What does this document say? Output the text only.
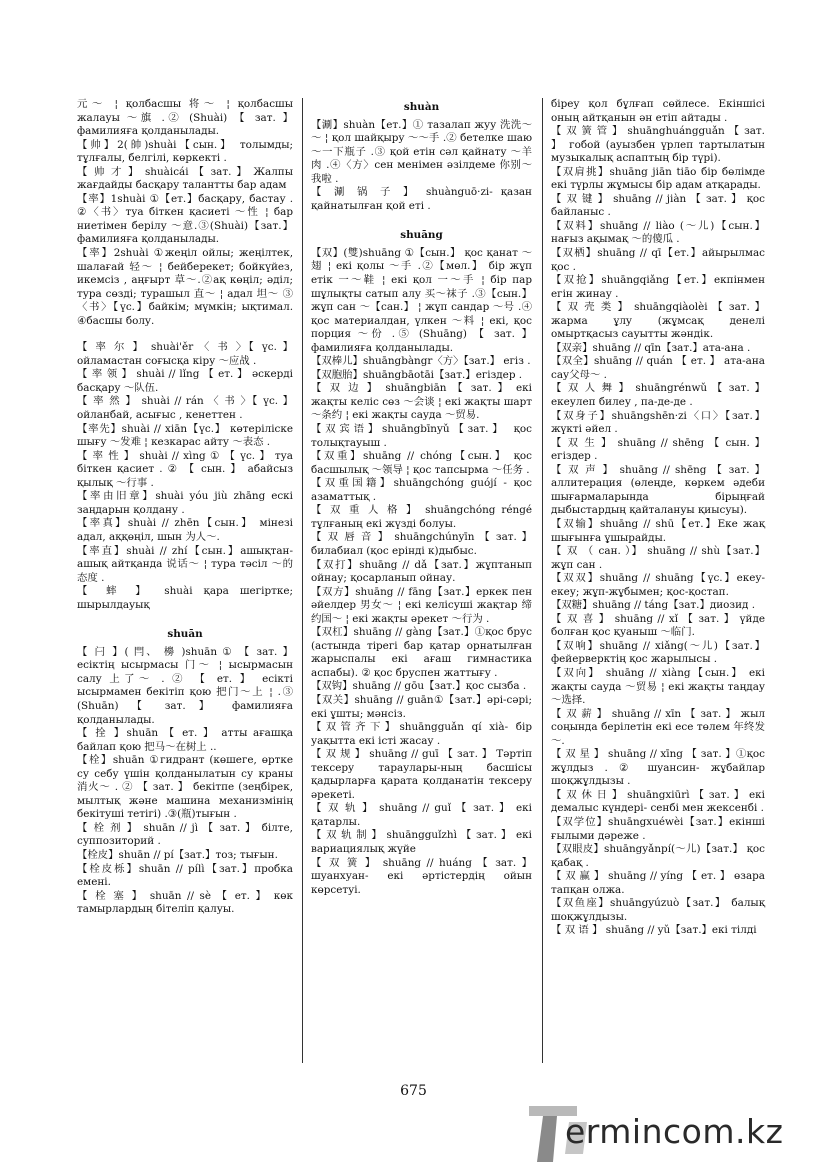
元～ ¦ қолбасшы 将～ ¦ қолбасшы жалауы ～旗 .② (Shuài) 【 зат. 】 фамилияға қолданылады.

【帅】2(帥)shuài【сын.】 толымды; тұлғалы, белгілі, көркекті .

【 帅 才 】 shuàicái 【 зат. 】 Жалпы жағдайды басқару талантты бар адам

【率】1shuài ①【ет.】басқару, бастау . ②〈书〉туа біткен қасиеті ～性 ¦ бар ниетімен берілу ～意.③(Shuài)【зат.】 фамилияға қолданылады.

【率】2shuài ①жеңіл ойлы; жеңілтек, шалағай 轻～ ¦ бейберекет; бойкүйез, икемсіз , аңғырт 草～.②ақ көңіл; әділ; тура сөзді; турашыл 直～ ¦ адал 坦～ ③〈书〉【үс.】байкім; мүмкін; ықтимал. ④басшы болу.

【 率 尔 】 shuài'ěr 〈 书 〉【 үс. 】 ойламастан соғысқа кіру ～应战 .

【 率 领 】 shuài // lǐng 【 ет. 】 әскерді басқару ～队伍.

【 率 然 】 shuài // rán 〈 书 〉【 үс. 】 ойланбай, асығыс , кенеттен .

【率先】shuài // xiān【үс.】 көтеріліске шығу ～发难 ¦ кезкарас айту ～表态 .

【 率 性 】 shuài // xìng ① 【 үс. 】 туа біткен қасиет . ② 【 сын. 】 абайсыз қылық ～行事 .

【率由旧章】shuài yóu jiù zhāng ескі заңдарын қолдану .

【率真】shuài // zhēn【сын.】 мінезі адал, аққөңіл, шын 为人～.

【率直】shuài // zhí【сын.】ашықтан-ашық айтқанда 说话～ ¦ тура тәсіл ～的态度 .

【 蟀 】 shuài қара шегіртке; шырылдауық

shuān

【 闩 】( 閂、 櫋 )shuān ① 【 зат. 】 есіктің ысырмасы 门～ ¦ ысырмасын салу 上了～ . ② 【 ет. 】 есікті ысырмамен бекітіп қою 把门～上 ¦ .③ (Shuān) 【 зат. 】 фамилияға қолданылады.

【 拴 】shuān 【 ет. 】 атты ағашқа байлап қою 把马～在树上 ..

【栓】shuān ①гидрант (көшеге, өртке су себу үшін қолданылатын су краны 消火～ . ② 【 зат. 】 бекітпе (зеңбірек, мылтық және машина механизмінің бекітуші тетігі) .③(瓶)тығын .

【 栓 剂 】 shuān // jì 【 зат. 】 білте, суппозиторий .

【栓皮】shuān // pí【зат.】тоз; тығын.

【栓皮栎】shuān // pílì【зат.】пробка емені.

【 栓 塞 】 shuān // sè 【 ет. 】 көк тамырлардың бітеліп қалуы.

shuàn

【涮】shuàn【ет.】① тазалап жуу 洗洗～～ ¦ қол шайқыру ～～手 .② бетелке шаю ～一下瓶子 .③ қой етін сәл қайнату ～羊肉 .④〈方〉сен менімен әзілдеме 你别～我啦 .

【 涮 锅 子 】 shuànguō·zi- қазан қайнатылған қой еті .

shuāng

【双】(雙)shuāng ①【сын.】 қос қанат ～翅 ¦ екі қолы ～手 .②【мөл.】 бір жұп етік 一～鞋 ¦ екі қол 一～手 ¦ бір пар шұлықты сатып алу 买～袜子 .③【сын.】 жұп сан ～【сан.】 ¦ жұп сандар ～号 .④ қос материалдан, үлкен ～料 ¦ екі, қос порция ～份 .⑤ (Shuāng) 【 зат. 】 фамилияға қолданылады.

【双棒儿】shuāngbàngr〈方〉【зат.】 егіз .

【双胞胎】shuāngbāotāi【зат.】егіздер .

【 双 边 】 shuāngbiān 【 зат. 】 екі жақты келіс сөз ～会谈 ¦ екі жақты шарт～条约 ¦ екі жақты сауда ～贸易.

【双宾语】shuāngbīnyǔ【зат.】 қос толықтауыш .

【双重】shuāng // chóng【сын.】 қос басшылық ～领导 ¦ қос тапсырма ～任务 .

【双重国籍】shuāngchóng guójí - қос азаматтық .

【 双 重 人 格 】 shuāngchóng réngé тұлғаның екі жүзді болуы.

【 双 唇 音 】 shuāngchúnyīn 【 зат. 】 билабиал (қос ерінді к)дыбыс.

【双打】shuāng // dǎ【зат.】жұптанып ойнау; қосарланып ойнау.

【双方】shuāng // fāng【зат.】еркек пен әйелдер 男女～ ¦ екі келісуші жақтар 缔约国～ ¦ екі жақты әрекет ～行为 .

【双杠】shuāng // gàng【зат.】①қос брус (астында тірегі бар қатар орнатылған жарыспалы екі ағаш гимнастика аспабы). ② қос бруспен жаттығу .

【双钩】shuāng // gōu【зат.】қос сызба .

【双关】shuāng // guān①【зат.】әрі-сәрі; екі ұшты; мәнсіз.

【双管齐下】shuāngguǎn qí xià- бір уақытта екі істі жасау .

【 双 规 】 shuāng // guī 【 зат. 】 Тәртіп тексеру тараулары-ның басшісы қадырларға қарата қолданатін тексеру әрекеті.

【 双 轨 】 shuāng // guǐ 【 зат. 】 екі қатарлы.

【 双 轨 制 】 shuāngguǐzhì 【 зат. 】 екі вариациялық жүйе

【 双 簧 】 shuāng // huáng 【 зат. 】 шуанхуан- екі әртістердің ойын көрсетуі.

біреу қол бұлғап сөйлесе. Екіншісі оның айтқанын ән етіп айтады .

【 双 簧 管 】 shuānghuángguǎn 【 зат. 】 гобой (ауызбен үрлеп тартылатын музыкалық аспаптың бір түрі).

【双肩挑】shuāng jiān tiāo бір бөлімде екі түрлы жұмысы бір адам атқарады.

【 双 键 】 shuāng // jiàn 【 зат. 】 қос байланыс .

【双料】shuāng // liào (～儿)【сын.】 нағыз ақымақ ～的傻瓜 .

【双栖】shuāng // qī【ет.】айырылмас қос .

【双抢】shuāngqiǎng【ет.】екпінмен егін жинау .

【 双 壳 类 】 shuāngqiàolèi 【 зат. 】 жарма ұлу (жұмсақ денелі омыртқасыз сауытты жәндік.

【双亲】shuāng // qīn【зат.】ата-ана .

【双全】shuāng // quán 【 ет. 】 ата-ана сау父母～ .

【 双 人 舞 】 shuāngrénwǔ 【 зат. 】 екеулеп билеу , па-де-де .

【双身子】shuāngshēn·zi〈口〉【зат.】 жүкті әйел .

【 双 生 】 shuāng // shēng 【 сын. 】 егіздер .

【 双 声 】 shuāng // shēng 【 зат. 】 аллитерация (өлеңде, көркем әдеби шығармаларында бірыңғай дыбыстардың қайталануы қиысуы).

【双输】shuāng // shū【ет.】Еке жақ шығынға ұшырайды.

【 双 （ сан. ）】 shuāng // shù【зат.】 жұп сан .

【双双】shuāng // shuāng【үс.】екеу-екеу; жұп-жұбымен; қос-қостап.

【双糖】shuāng // táng【зат.】диозид .

【 双 喜 】 shuāng // xǐ 【 зат. 】 үйде болған қос қуаныш ～临门.

【双响】shuāng // xiǎng(～儿)【зат.】 фейерверктің қос жарылысы .

【双向】 shuāng // xiàng【сын.】 екі жақты сауда ～贸易 ¦ екі жақты таңдау～选择.

【 双 薪 】 shuāng // xīn 【 зат. 】 жыл соңында берілетін екі есе төлем 年终发～.

【 双 星 】 shuāng // xīng 【 зат. 】①қос жұлдыз . ② шуансин- жұбайлар шоқжұлдызы .

【 双 休 日 】 shuāngxiūrì 【 зат. 】 екі демалыс күндері- сенбі мен жексенбі .

【双学位】shuāngxuéwèi【зат.】екінші ғылыми дәреже .

【双眼皮】shuāngyǎnpí(～儿)【зат.】 қос қабақ .

【 双 赢 】 shuāng // yíng 【 ет. 】 өзара тапқан олжа.

【双鱼座】shuāngyúzuò【зат.】 балық шоқжұлдызы.

【 双 语 】 shuāng // yǔ【зат.】екі тілді

675
ermincom.kz
